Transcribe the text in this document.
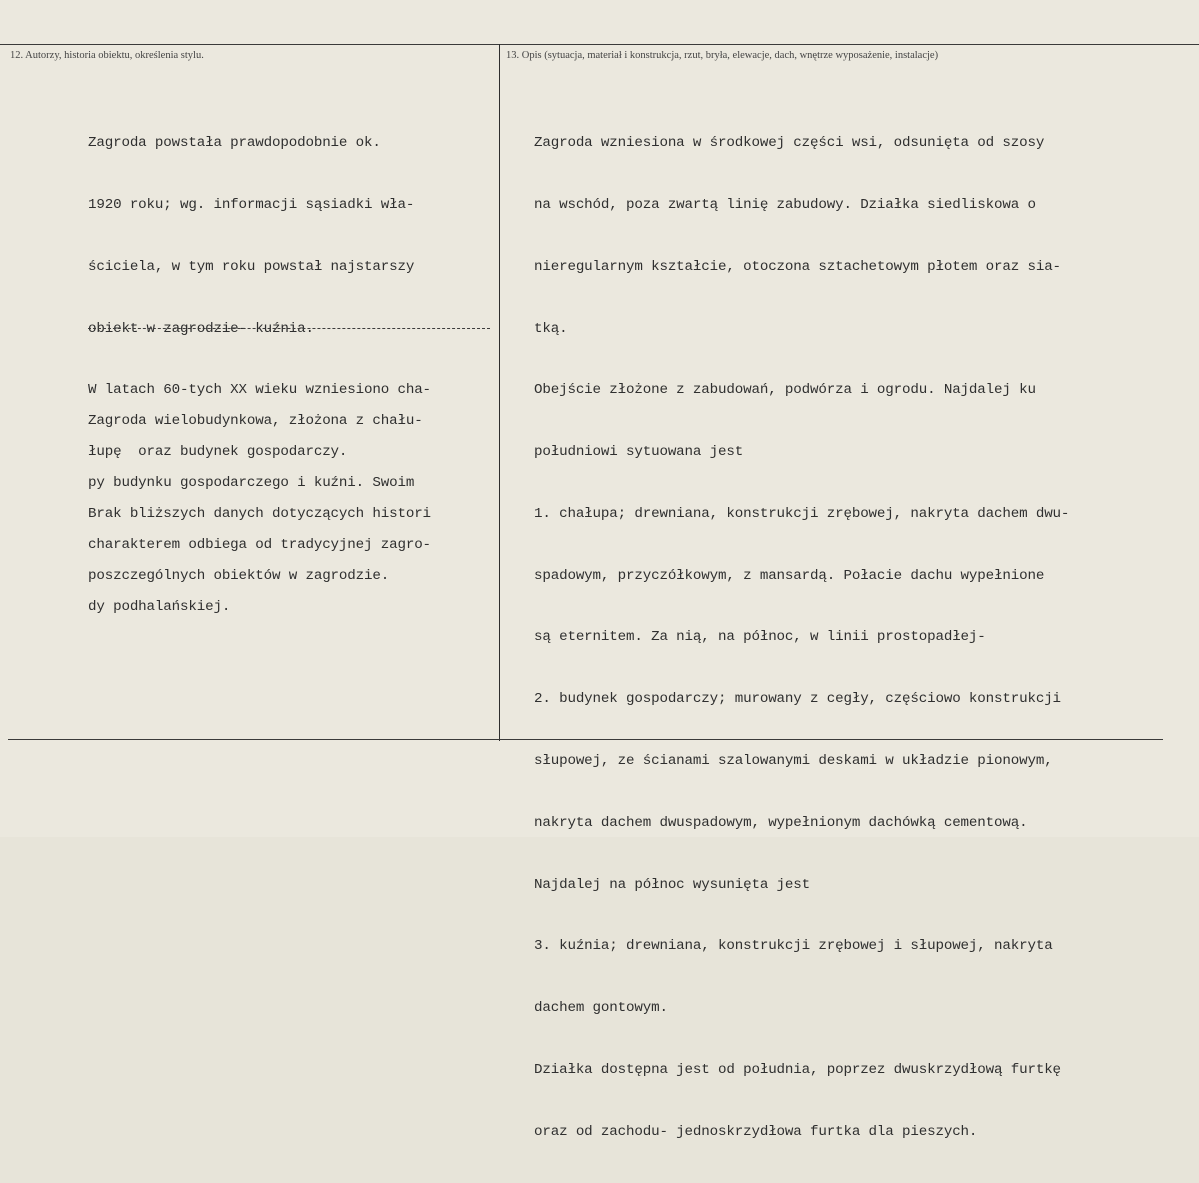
12. Autorzy, historia obiektu, określenia stylu.	13. Opis (sytuacja, materiał i konstrukcja, rzut, bryła, elewacje, dach, wnętrze wyposażenie, instalacje)

Zagroda powstała prawdopodobnie ok.

1920 roku; wg. informacji sąsiadki wła-

ściciela, w tym roku powstał najstarszy

obiekt w zagrodzie- kuźnia.

W latach 60-tych XX wieku wzniesiono cha-

łupę  oraz budynek gospodarczy.

Brak bliższych danych dotyczących histori

poszczególnych obiektów w zagrodzie.

Zagroda wielobudynkowa, złożona z chału-

py budynku gospodarczego i kuźni. Swoim

charakterem odbiega od tradycyjnej zagro-

dy podhalańskiej.

Zagroda wzniesiona w środkowej części wsi, odsunięta od szosy

na wschód, poza zwartą linię zabudowy. Działka siedliskowa o

nieregularnym kształcie, otoczona sztachetowym płotem oraz sia-

tką.

Obejście złożone z zabudowań, podwórza i ogrodu. Najdalej ku

południowi sytuowana jest

1. chałupa; drewniana, konstrukcji zrębowej, nakryta dachem dwu-

spadowym, przyczółkowym, z mansardą. Połacie dachu wypełnione

są eternitem. Za nią, na północ, w linii prostopadłej-

2. budynek gospodarczy; murowany z cegły, częściowo konstrukcji

słupowej, ze ścianami szalowanymi deskami w układzie pionowym,

nakryta dachem dwuspadowym, wypełnionym dachówką cementową.

Najdalej na północ wysunięta jest

3. kuźnia; drewniana, konstrukcji zrębowej i słupowej, nakryta

dachem gontowym.

Działka dostępna jest od południa, poprzez dwuskrzydłową furtkę

oraz od zachodu- jednoskrzydłowa furtka dla pieszych.
